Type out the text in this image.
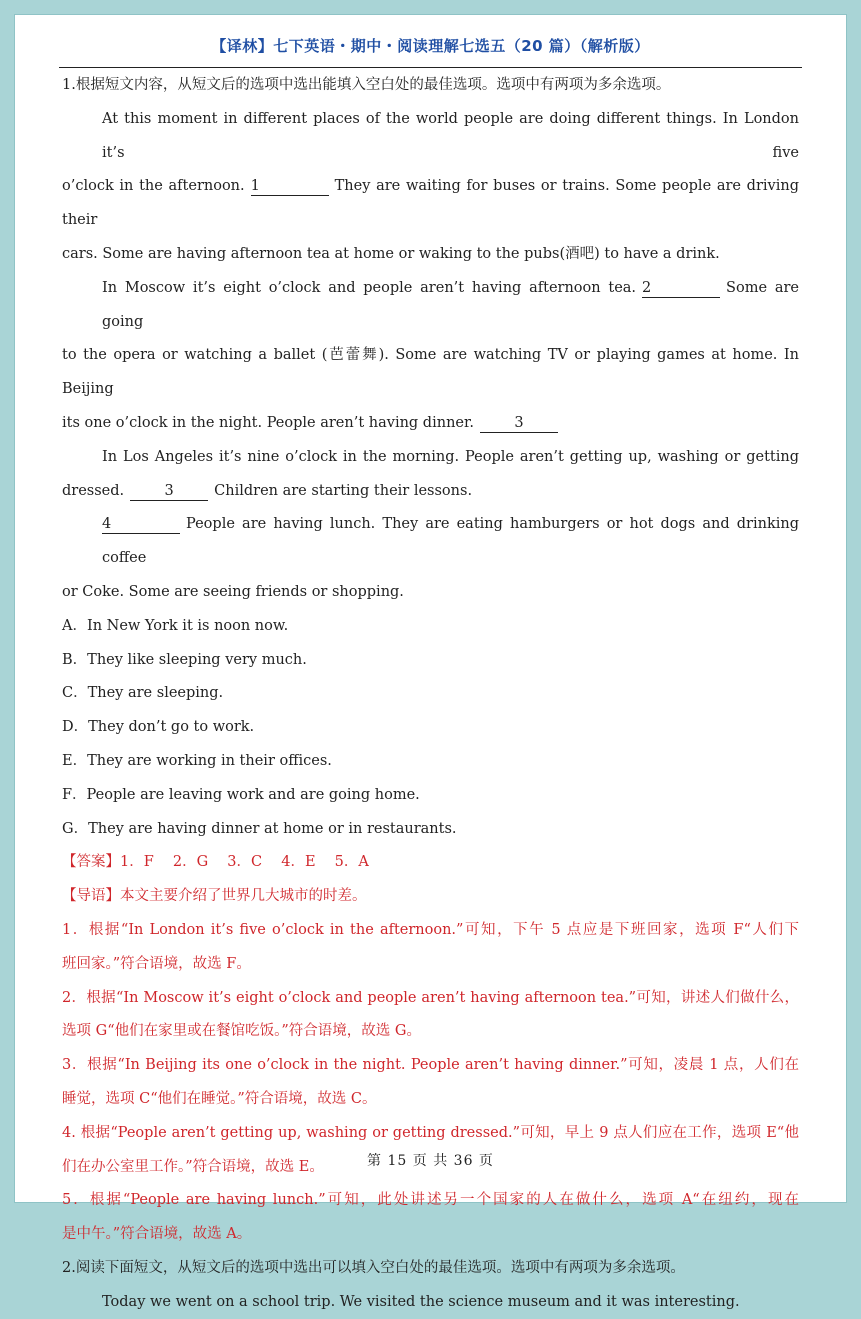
【译林】七下英语・期中・阅读理解七选五（20 篇）（解析版）
1.根据短文内容，从短文后的选项中选出能填入空白处的最佳选项。选项中有两项为多余选项。
At this moment in different places of the world people are doing different things. In London it’s five
o’clock in the afternoon. 1	They are waiting for buses or trains. Some people are driving their
cars. Some are having afternoon tea at home or waking to the pubs(酒吧) to have a drink.
In Moscow it’s eight o’clock and people aren’t having afternoon tea. 2	Some are going
to the opera or watching a ballet (芭蕾舞). Some are watching TV or playing games at home. In Beijing
its one o’clock in the night. People aren’t having dinner.	3
In Los Angeles it’s nine o’clock in the morning. People aren’t getting up, washing or getting
dressed.	3	Children are starting their lessons.
4	People are having lunch. They are eating hamburgers or hot dogs and drinking coffee
or Coke. Some are seeing friends or shopping.
A．In New York it is noon now.
B．They like sleeping very much.
C．They are sleeping.
D．They don’t go to work.
E．They are working in their offices.
F．People are leaving work and are going home.
G．They are having dinner at home or in restaurants.
【答案】1．F　 2．G　 3．C　 4．E　 5．A
【导语】本文主要介绍了世界几大城市的时差。
1．根据“In London it’s five o’clock in the afternoon.”可知，下午 5 点应是下班回家，选项 F“人们下
班回家。”符合语境，故选 F。
2．根据“In Moscow it’s eight o’clock and people aren’t having afternoon tea.”可知，讲述人们做什么，
选项 G“他们在家里或在餐馆吃饭。”符合语境，故选 G。
3．根据“In Beijing its one o’clock in the night. People aren’t having dinner.”可知，凌晨 1 点，人们在
睡觉，选项 C“他们在睡觉。”符合语境，故选 C。
4. 根据“People aren’t getting up, washing or getting dressed.”可知，早上 9 点人们应在工作，选项 E“他
们在办公室里工作。”符合语境，故选 E。
5．根据“People are having lunch.”可知，此处讲述另一个国家的人在做什么，选项 A“在纽约，现在
是中午。”符合语境，故选 A。
2.阅读下面短文，从短文后的选项中选出可以填入空白处的最佳选项。选项中有两项为多余选项。
Today we went on a school trip. We visited the science museum and it was interesting.
第 15 页 共 36 页
